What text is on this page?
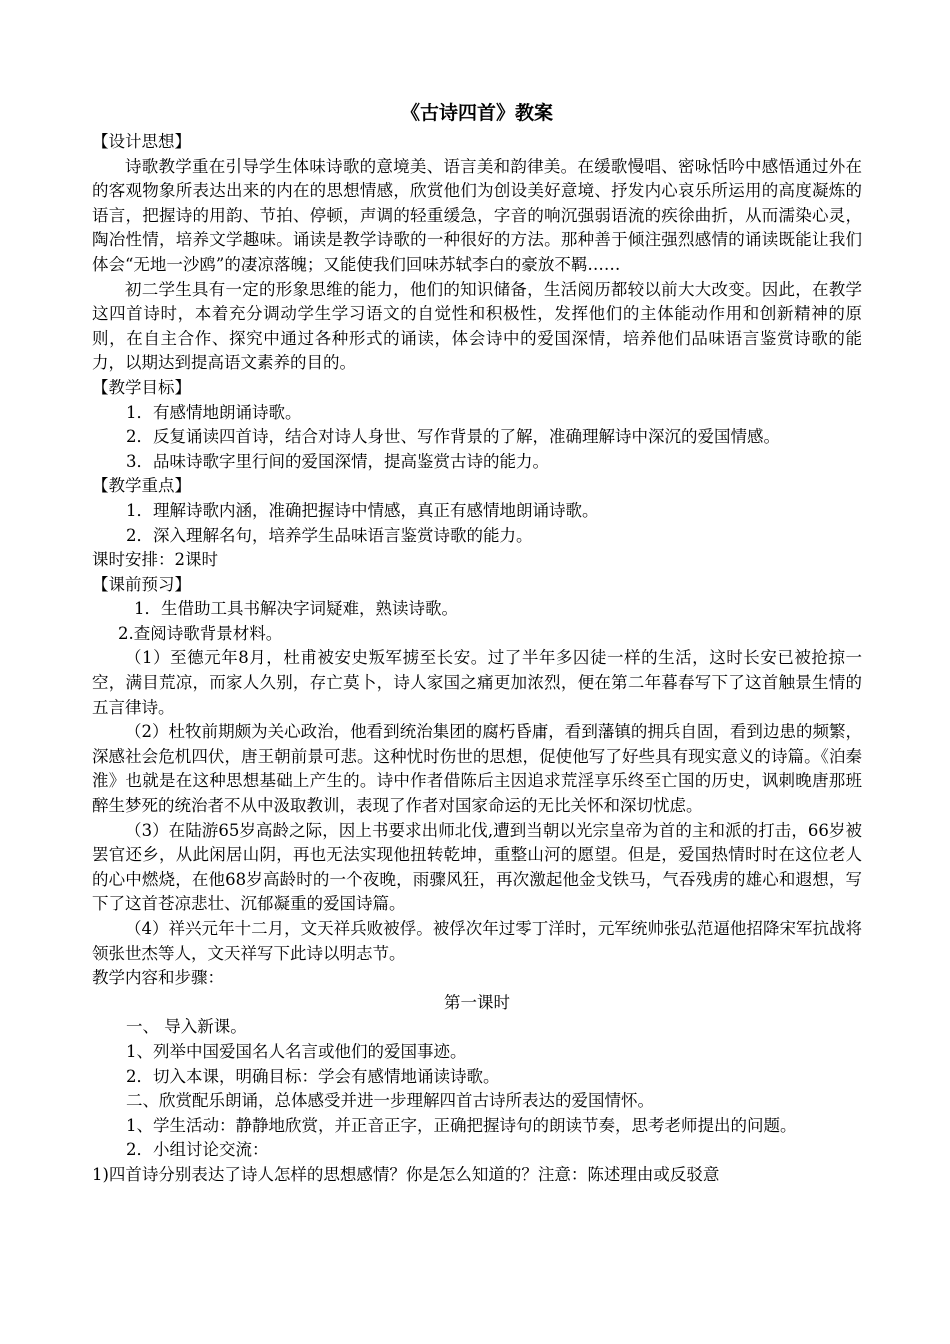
《古诗四首》教案

【设计思想】

诗歌教学重在引导学生体味诗歌的意境美、语言美和韵律美。在缓歌慢唱、密咏恬吟中感悟通过外在的客观物象所表达出来的内在的思想情感，欣赏他们为创设美好意境、抒发内心哀乐所运用的高度凝炼的语言，把握诗的用韵、节拍、停顿，声调的轻重缓急，字音的响沉强弱语流的疾徐曲折，从而濡染心灵，陶冶性情，培养文学趣味。诵读是教学诗歌的一种很好的方法。那种善于倾注强烈感情的诵读既能让我们体会“无地一沙鸥”的凄凉落魄；又能使我们回味苏轼李白的豪放不羁……

初二学生具有一定的形象思维的能力，他们的知识储备，生活阅历都较以前大大改变。因此，在教学这四首诗时，本着充分调动学生学习语文的自觉性和积极性，发挥他们的主体能动作用和创新精神的原则，在自主合作、探究中通过各种形式的诵读，体会诗中的爱国深情，培养他们品味语言鉴赏诗歌的能力，以期达到提高语文素养的目的。

【教学目标】

1．有感情地朗诵诗歌。

2．反复诵读四首诗，结合对诗人身世、写作背景的了解，准确理解诗中深沉的爱国情感。

3．品味诗歌字里行间的爱国深情，提高鉴赏古诗的能力。

【教学重点】

1．理解诗歌内涵，准确把握诗中情感，真正有感情地朗诵诗歌。

2．深入理解名句，培养学生品味语言鉴赏诗歌的能力。

课时安排：2课时

【课前预习】

1．生借助工具书解决字词疑难，熟读诗歌。

2.查阅诗歌背景材料。

（1）至德元年8月，杜甫被安史叛军掳至长安。过了半年多囚徒一样的生活，这时长安已被抢掠一空，满目荒凉，而家人久别，存亡莫卜，诗人家国之痛更加浓烈，便在第二年暮春写下了这首触景生情的五言律诗。

（2）杜牧前期颇为关心政治，他看到统治集团的腐朽昏庸，看到藩镇的拥兵自固，看到边患的频繁，深感社会危机四伏，唐王朝前景可悲。这种忧时伤世的思想，促使他写了好些具有现实意义的诗篇。《泊秦淮》也就是在这种思想基础上产生的。诗中作者借陈后主因追求荒淫享乐终至亡国的历史，讽刺晚唐那班醉生梦死的统治者不从中汲取教训，表现了作者对国家命运的无比关怀和深切忧虑。

（3）在陆游65岁高龄之际，因上书要求出师北伐,遭到当朝以光宗皇帝为首的主和派的打击，66岁被罢官还乡，从此闲居山阴，再也无法实现他扭转乾坤，重整山河的愿望。但是，爱国热情时时在这位老人的心中燃烧，在他68岁高龄时的一个夜晚，雨骤风狂，再次激起他金戈铁马，气吞残虏的雄心和遐想，写下了这首苍凉悲壮、沉郁凝重的爱国诗篇。

（4）祥兴元年十二月，文天祥兵败被俘。被俘次年过零丁洋时，元军统帅张弘范逼他招降宋军抗战将领张世杰等人，文天祥写下此诗以明志节。

教学内容和步骤：

第一课时

一、 导入新课。

1、列举中国爱国名人名言或他们的爱国事迹。

2．切入本课，明确目标：学会有感情地诵读诗歌。

二、欣赏配乐朗诵，总体感受并进一步理解四首古诗所表达的爱国情怀。

1、学生活动：静静地欣赏，并正音正字，正确把握诗句的朗读节奏，思考老师提出的问题。

2．小组讨论交流：

1)四首诗分别表达了诗人怎样的思想感情？你是怎么知道的？注意：陈述理由或反驳意
